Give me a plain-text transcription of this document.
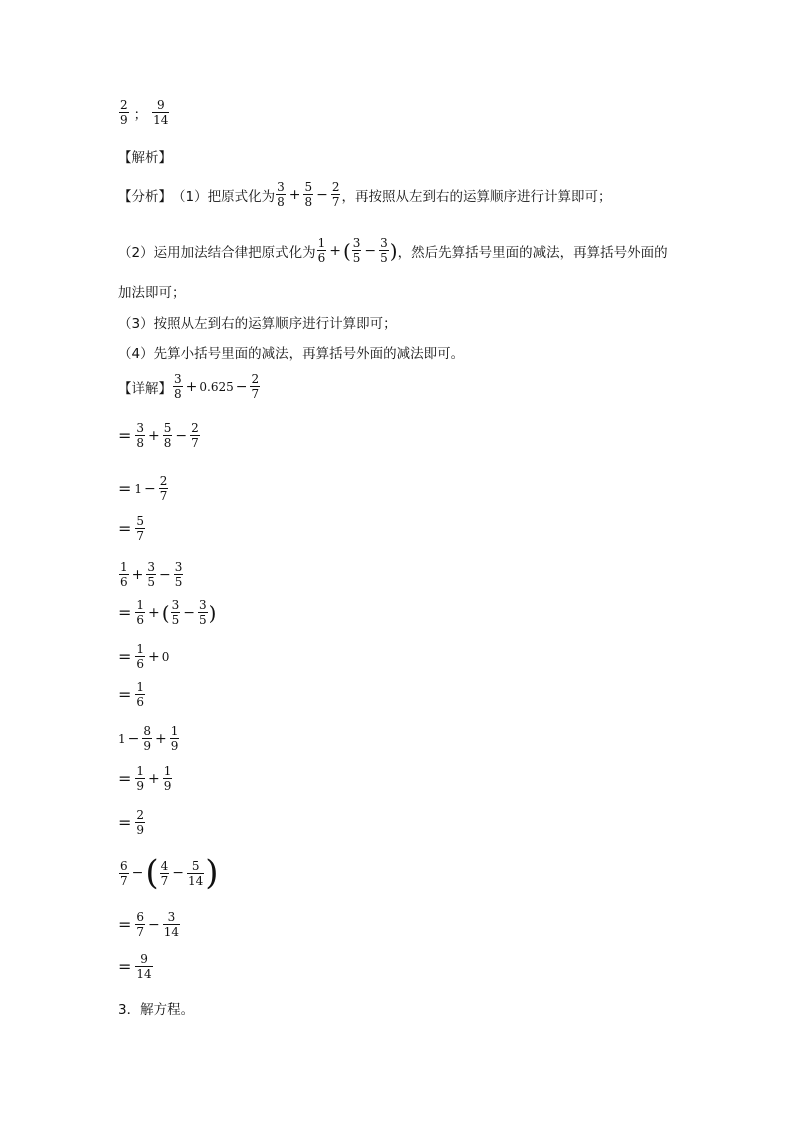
$\frac{2}{9}$ ； $\frac{9}{14}$
【解析】
【分析】 （1）把原式化为 $\frac{3}{8} + \frac{5}{8} - \frac{2}{7}$ ，再按照从左到右的运算顺序进行计算即可；
（2）运用加法结合律把原式化为 $\frac{1}{6}$ + ( $\frac{3}{5} - \frac{3}{5}$ ) ，然后先算括号里面的减法，再算括号外面的
加法即可；
（3）按照从左到右的运算顺序进行计算即可；
（4）先算小括号里面的减法，再算括号外面的减法即可。
【详解】 $\frac{3}{8} + 0.625 - \frac{2}{7}$
= $\frac{3}{8} + \frac{5}{8} - \frac{2}{7}$
= $1 - \frac{2}{7}$
= $\frac{5}{7}$
$\frac{1}{6} + \frac{3}{5} - \frac{3}{5}$
= $\frac{1}{6}$ + ( $\frac{3}{5} - \frac{3}{5}$ )
= $\frac{1}{6} + 0$
= $\frac{1}{6}$
$1 - \frac{8}{9} + \frac{1}{9}$
= $\frac{1}{9} + \frac{1}{9}$
= $\frac{2}{9}$
$\frac{6}{7}$ − ( $\frac{4}{7} - \frac{5}{14}$ )
= $\frac{6}{7} - \frac{3}{14}$
= $\frac{9}{14}$
3．解方程。
